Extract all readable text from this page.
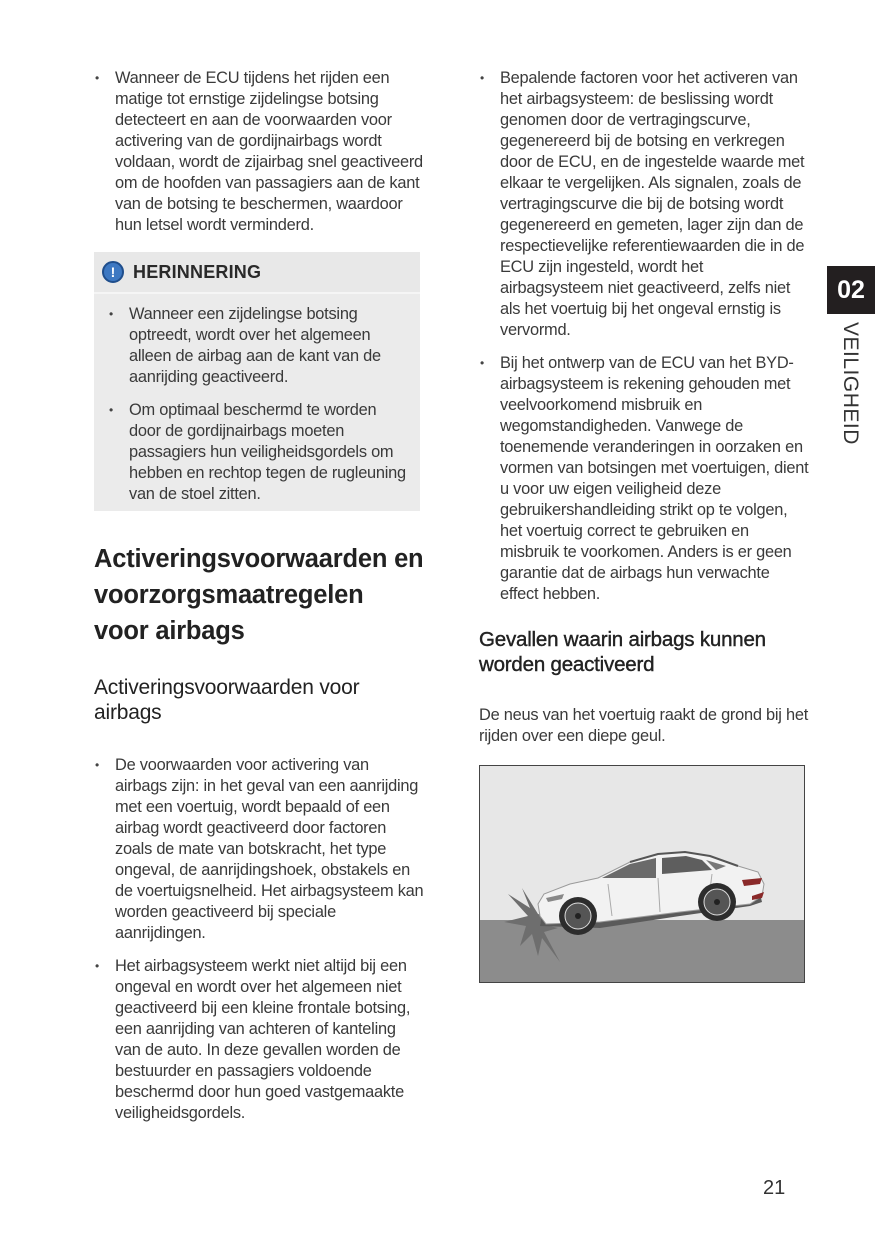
• Wanneer de ECU tijdens het rijden een matige tot ernstige zijdelingse botsing detecteert en aan de voorwaarden voor activering van de gordijnairbags wordt voldaan, wordt de zijairbag snel geactiveerd om de hoofden van passagiers aan de kant van de botsing te beschermen, waardoor hun letsel wordt verminderd.
! HERINNERING
• Wanneer een zijdelingse botsing optreedt, wordt over het algemeen alleen de airbag aan de kant van de aanrijding geactiveerd.
• Om optimaal beschermd te worden door de gordijnairbags moeten passagiers hun veiligheidsgordels om hebben en rechtop tegen de rugleuning van de stoel zitten.
Activeringsvoorwaarden en voorzorgsmaatregelen voor airbags
Activeringsvoorwaarden voor airbags
• De voorwaarden voor activering van airbags zijn: in het geval van een aanrijding met een voertuig, wordt bepaald of een airbag wordt geactiveerd door factoren zoals de mate van botskracht, het type ongeval, de aanrijdingshoek, obstakels en de voertuigsnelheid. Het airbagsysteem kan worden geactiveerd bij speciale aanrijdingen.
• Het airbagsysteem werkt niet altijd bij een ongeval en wordt over het algemeen niet geactiveerd bij een kleine frontale botsing, een aanrijding van achteren of kanteling van de auto. In deze gevallen worden de bestuurder en passagiers voldoende beschermd door hun goed vastgemaakte veiligheidsgordels.
• Bepalende factoren voor het activeren van het airbagsysteem: de beslissing wordt genomen door de vertragingscurve, gegenereerd bij de botsing en verkregen door de ECU, en de ingestelde waarde met elkaar te vergelijken. Als signalen, zoals de vertragingscurve die bij de botsing wordt gegenereerd en gemeten, lager zijn dan de respectievelijke referentiewaarden die in de ECU zijn ingesteld, wordt het airbagsysteem niet geactiveerd, zelfs niet als het voertuig bij het ongeval ernstig is vervormd.
• Bij het ontwerp van de ECU van het BYD-airbagsysteem is rekening gehouden met veelvoorkomend misbruik en wegomstandigheden. Vanwege de toenemende veranderingen in oorzaken en vormen van botsingen met voertuigen, dient u voor uw eigen veiligheid deze gebruikershandleiding strikt op te volgen, het voertuig correct te gebruiken en misbruik te voorkomen. Anders is er geen garantie dat de airbags hun verwachte effect hebben.
Gevallen waarin airbags kunnen worden geactiveerd

De neus van het voertuig raakt de grond bij het rijden over een diepe geul.

02
VEILIGHEID
21
